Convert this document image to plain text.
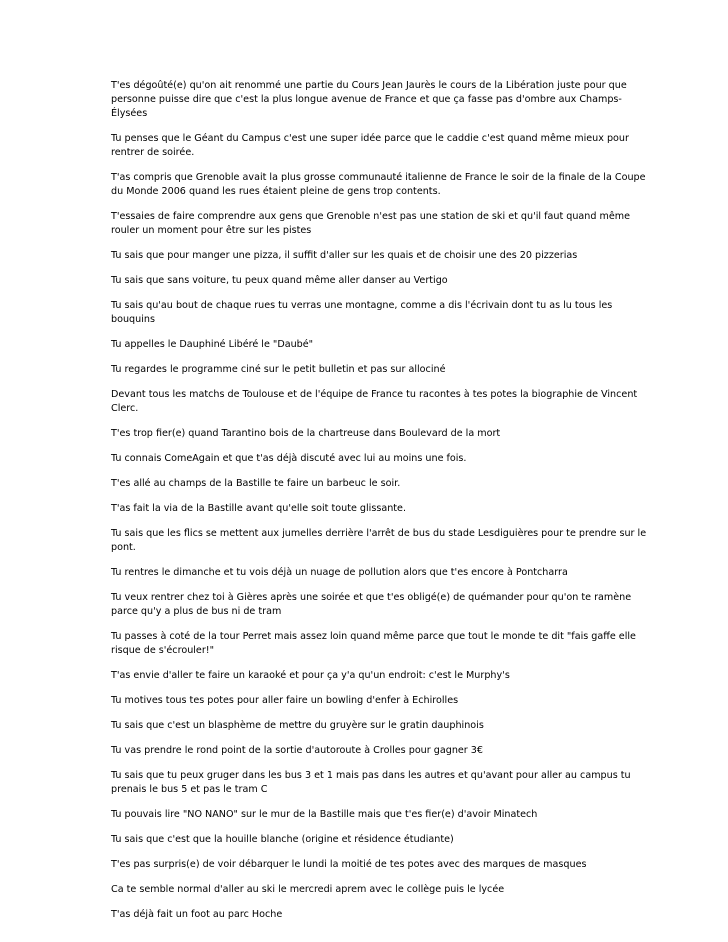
T'es dégoûté(e) qu'on ait renommé une partie du Cours Jean Jaurès le cours de la Libération juste pour que personne puisse dire que c'est la plus longue avenue de France et que ça fasse pas d'ombre aux Champs-Élysées

Tu penses que le Géant du Campus c'est une super idée parce que le caddie c'est quand même mieux pour rentrer de soirée.

T'as compris que Grenoble avait la plus grosse communauté italienne de France le soir de la finale de la Coupe du Monde 2006 quand les rues étaient pleine de gens trop contents.

T'essaies de faire comprendre aux gens que Grenoble n'est pas une station de ski et qu'il faut quand même rouler un moment pour être sur les pistes

Tu sais que pour manger une pizza, il suffit d'aller sur les quais et de choisir une des 20 pizzerias

Tu sais que sans voiture, tu peux quand même aller danser au Vertigo

Tu sais qu'au bout de chaque rues tu verras une montagne, comme a dis l'écrivain dont tu as lu tous les bouquins

Tu appelles le Dauphiné Libéré le "Daubé"

Tu regardes le programme ciné sur le petit bulletin et pas sur allociné

Devant tous les matchs de Toulouse et de l'équipe de France tu racontes à tes potes la biographie de Vincent Clerc.

T'es trop fier(e) quand Tarantino bois de la chartreuse dans Boulevard de la mort

Tu connais ComeAgain et que t'as déjà discuté avec lui au moins une fois.

T'es allé au champs de la Bastille te faire un barbeuc le soir.

T'as fait la via de la Bastille avant qu'elle soit toute glissante.

Tu sais que les flics se mettent aux jumelles derrière l'arrêt de bus du stade Lesdiguières pour te prendre sur le pont.

Tu rentres le dimanche et tu vois déjà un nuage de pollution alors que t'es encore à Pontcharra

Tu veux rentrer chez toi à Gières après une soirée et que t'es obligé(e) de quémander pour qu'on te ramène parce qu'y a plus de bus ni de tram

Tu passes à coté de la tour Perret mais assez loin quand même parce que tout le monde te dit "fais gaffe elle risque de s'écrouler!"

T'as envie d'aller te faire un karaoké et pour ça y'a qu'un endroit: c'est le Murphy's

Tu motives tous tes potes pour aller faire un bowling d'enfer à Echirolles

Tu sais que c'est un blasphème de mettre du gruyère sur le gratin dauphinois

Tu vas prendre le rond point de la sortie d'autoroute à Crolles pour gagner 3€

Tu sais que tu peux gruger dans les bus 3 et 1 mais pas dans les autres et qu'avant pour aller au campus tu prenais le bus 5 et pas le tram C

Tu pouvais lire "NO NANO" sur le mur de la Bastille mais que t'es fier(e) d'avoir Minatech

Tu sais que c'est que la houille blanche (origine et résidence étudiante)

T'es pas surpris(e) de voir débarquer le lundi la moitié de tes potes avec des marques de masques

Ca te semble normal d'aller au ski le mercredi aprem avec le collège puis le lycée

T'as déjà fait un foot au parc Hoche
